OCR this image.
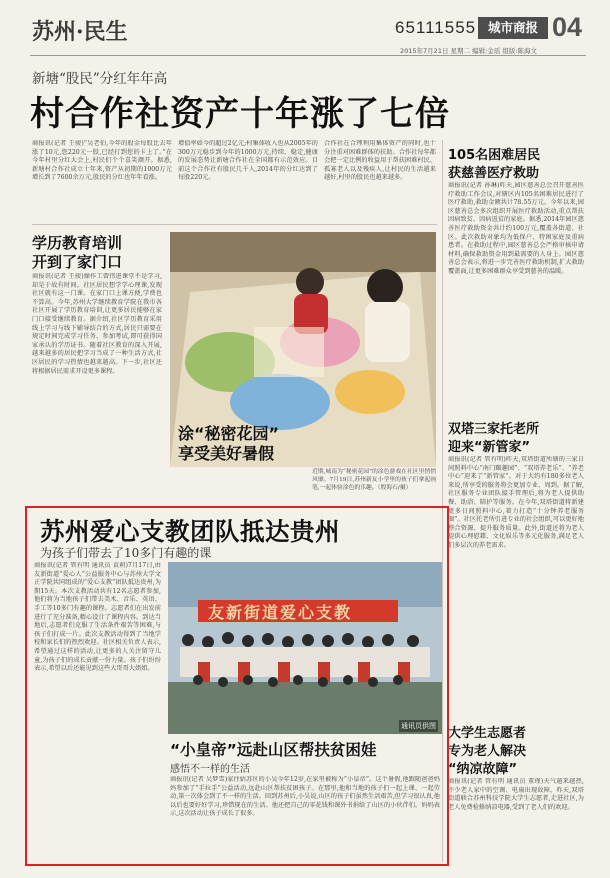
苏州·民生	65111555 城市商报 04
2015年7月21日 星期二 编辑:金瑶 组版:陈海文
新塘“股民”分红年年高
村合作社资产十年涨了七倍
商报讯(记者 王骏)“吴老伯,今年的股金每股比去年涨了10元,您220元一股,已经打到您的卡上了。”在今年村里分红大会上,村民们个个喜笑颜开。据悉,新塘村合作社成立十年来,资产从初期的1000万元增长到了7600余万元,股民的分红也年年看涨。
增值率如今的超过2亿元;村集体收入也从2005年的300万元稳步到今年的1000万元,持续、稳定,健康的发展态势让新塘合作社在全国都有示范效应。目前这个合作社有股民几千人,2014年的分红达到了每股220元。
合作社在合理利用集体资产的同时,也十分注重对困难群体的扶助。合作社每年都会把一定比例的收益用于帮扶困难村民、孤寡老人以及残疾人,让村民的生活越来越好,村里的股民也越来越多。
学历教育培训
开到了家门口
商报讯(记者 王骏)操作工曾伟进课堂不是学习,却是于故有时间。社区居民想学学心理课,发现社区就有这一门课。在家门口上课方便,学费也不算高。今年,苏州大学继续教育学院在我市各社区开展了学历教育培训,让更多居民能够在家门口接受继续教育。据介绍,社区学历教育采用线上学习与线下辅导结合的方式,居民只需要在规定时间完成学习任务、参加考试,即可获得国家承认的学历证书。随着社区教育的深入开展,越来越多的居民把学习当成了一种生活方式,社区居民的学习热情也越来越高。下一步,社区还将根据居民需求开设更多课程。
涂“秘密花园”
享受美好暑假
近期,城南为“秘密花园”的涂色游戏在社区里悄悄风靡。7月19日,苏州新友小学里的孩子们拿起画笔,一起体验涂色的乐趣。（殷海石/摄）
105名困难居民
获慈善医疗救助
商报讯(记者 孙琳)昨天,园区慈善总会召开慈善医疗救助工作会议,对辖区内105名困难居民进行了医疗救助,救助金额共计78.55万元。今年以来,园区慈善总会多次组织开展医疗救助活动,重点帮扶因病致贫、因病返贫的家庭。据悉,2014年园区慈善医疗救助资金共计约100万元,覆盖各街道、社区。此次救助对象均为低保户、特困家庭及重病患者。在救助过程中,园区慈善总会严格审核申请材料,确保救助资金用到最需要的人身上。园区慈善总会表示,将进一步完善医疗救助机制,扩大救助覆盖面,让更多困难群众享受到慈善的温暖。
双塔三家托老所
迎来“新管家”
商报讯(记者 管有明)昨天,双塔街道所辖的三家日间照料中心“南门颐趣园”、“双塔养老乐”、“养老中心”迎来了“新管家”。对于大约有180多位老人来说,所享受的服务将会更加专业、周到。据了解,社区服务专业团队接手管理后,将为老人提供助餐、助浴、陪护等服务。在今年,双塔街道将新建更多日间照料中心,着力打造“十分钟养老服务圈”。社区托老所引进专业的社会组织,可以更好地整合资源、提升服务质量。此外,街道还将为老人提供心理慰藉、文化娱乐等多元化服务,满足老人们多层次的养老需求。
大学生志愿者
专为老人解决
“纳凉故障”
商报讯(记者 管有明 通讯员 董瑾)天气越来越热,不少老人家中的空调、电扇出现故障。昨天,双塔街道联合苏州科技学院大学生志愿者,走进社区,为老人免费检修纳凉电器,受到了老人们的欢迎。
苏州爱心支教团队抵达贵州
为孩子们带去了10多门有趣的课
商报讯(记者 管有明 通讯员 袁莉)7月17日,由友新街道“爱心人”公益服务中心与苏州大学文正学院共同组成的“爱心支教”团队抵达贵州,为期15天。本次支教活动共有12名志愿者参加,他们将为当地孩子们带去美术、音乐、英语、手工等10多门有趣的课程。志愿者们在出发前进行了充分准备,精心设计了课程内容。到达当地后,志愿者们克服了生活条件艰苦等困难,与孩子们打成一片。此次支教活动得到了当地学校和家长们的热烈欢迎。社区相关负责人表示,希望通过这样的活动,让更多的人关注留守儿童,为孩子们的成长贡献一份力量。孩子们纷纷表示,希望以后还能见到这些大哥哥大姐姐。
友新街道爱心支教
通讯员供图
“小皇帝”远赴山区帮扶贫困娃
感悟不一样的生活
商报讯(记者 吴梦雪)家住姑苏区的小吴今年12岁,在家里被称为“小皇帝”。这个暑假,他跟随爸爸妈妈参加了“手拉手”公益活动,远赴山区帮扶贫困孩子。在那里,他和当地的孩子们一起上课、一起劳动,第一次体会到了不一样的生活。回到苏州后,小吴说,山区的孩子们虽然生活艰苦,但学习很认真,他以后也要好好学习,珍惜现在的生活。他还把自己的零花钱和课外书捐给了山区的小伙伴们。妈妈表示,这次活动让孩子成长了很多。
